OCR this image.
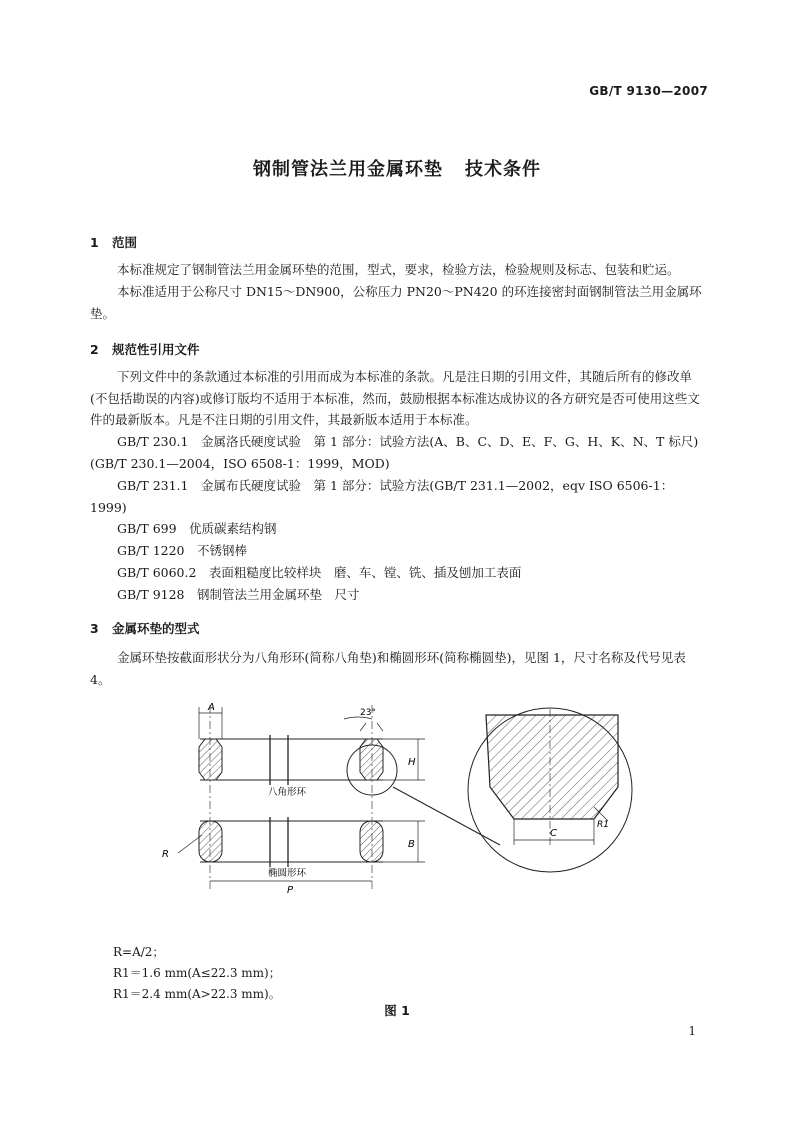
GB/T 9130—2007
钢制管法兰用金属环垫 技术条件
1 范围
本标准规定了钢制管法兰用金属环垫的范围，型式，要求，检验方法，检验规则及标志、包装和贮运。
本标准适用于公称尺寸 DN15～DN900，公称压力 PN20～PN420 的环连接密封面钢制管法兰用金属环垫。
2 规范性引用文件
下列文件中的条款通过本标准的引用而成为本标准的条款。凡是注日期的引用文件，其随后所有的修改单(不包括勘误的内容)或修订版均不适用于本标准，然而，鼓励根据本标准达成协议的各方研究是否可使用这些文件的最新版本。凡是不注日期的引用文件，其最新版本适用于本标准。
GB/T 230.1　金属洛氏硬度试验　第 1 部分：试验方法(A、B、C、D、E、F、G、H、K、N、T 标尺)(GB/T 230.1—2004，ISO 6508-1：1999，MOD)
GB/T 231.1　金属布氏硬度试验　第 1 部分：试验方法(GB/T 231.1—2002，eqv ISO 6506-1：1999)
GB/T 699　优质碳素结构钢
GB/T 1220　不锈钢棒
GB/T 6060.2　表面粗糙度比较样块　磨、车、镗、铣、插及刨加工表面
GB/T 9128　钢制管法兰用金属环垫　尺寸
3 金属环垫的型式
金属环垫按截面形状分为八角形环(简称八角垫)和椭圆形环(简称椭圆垫)，见图 1，尺寸名称及代号见表 4。
A	23°
H
八角形环
B
R
椭圆形环
P
C
R1
R=A/2；
R1＝1.6 mm(A≤22.3 mm)；
R1＝2.4 mm(A>22.3 mm)。
图 1
1
